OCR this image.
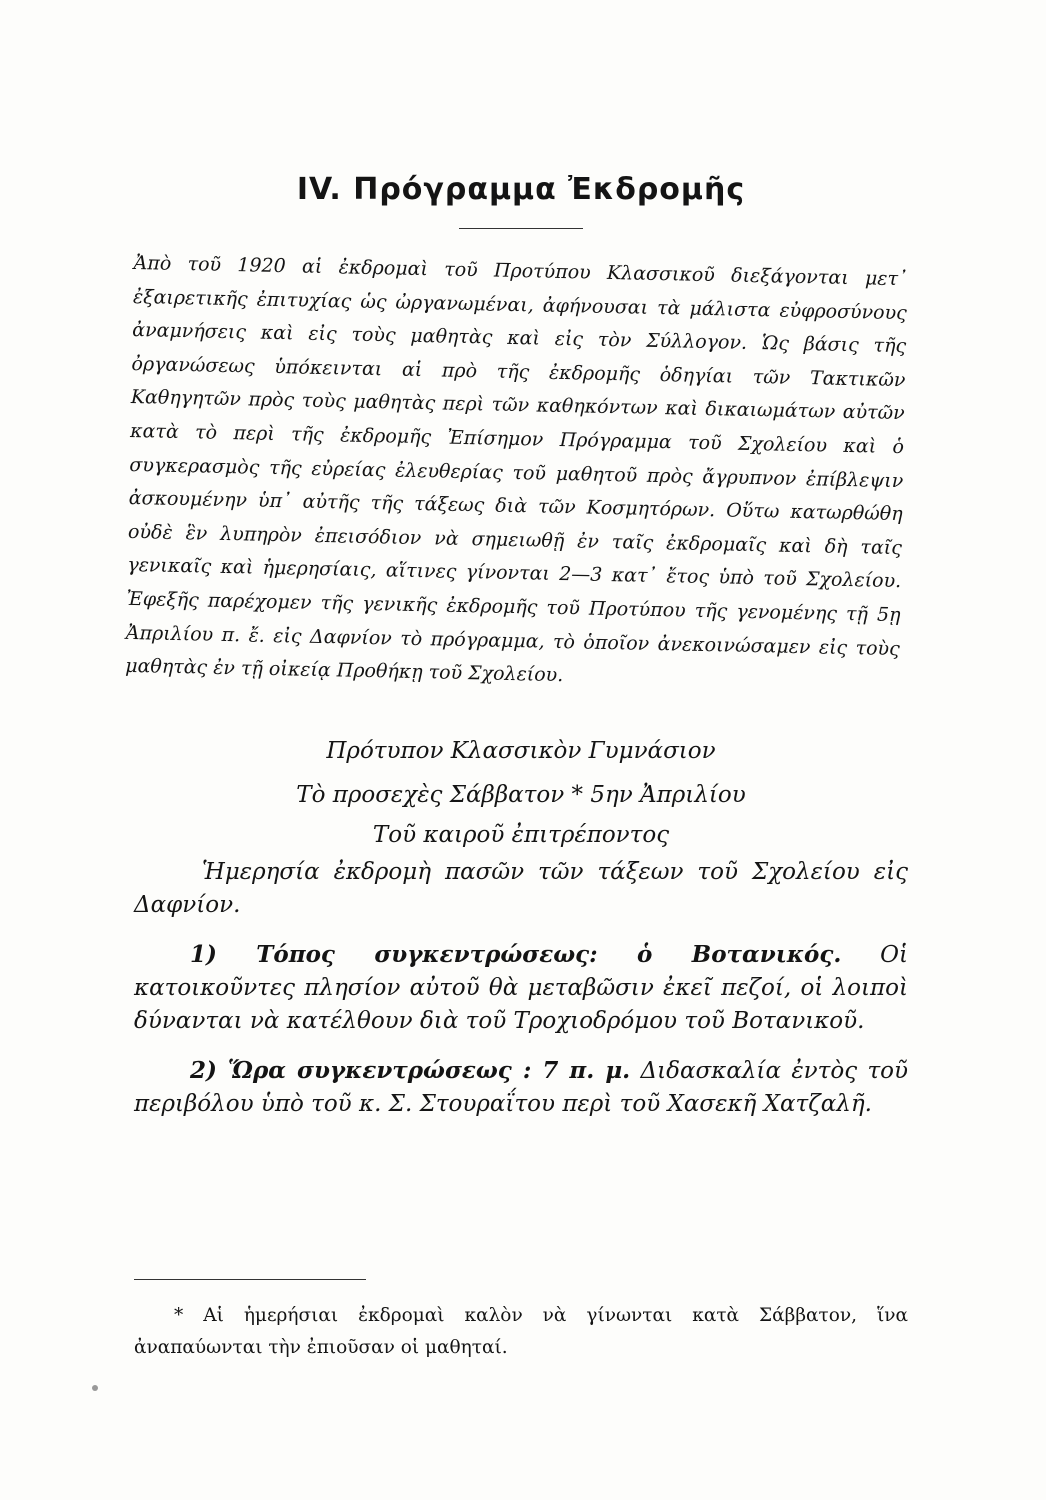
IV. Πρόγραμμα Ἐκδρομῆς

Ἀπὸ τοῦ 1920 αἱ ἐκδρομαὶ τοῦ Προτύπου Κλασσικοῦ διεξάγονται μετ᾽ ἐξαιρετικῆς ἐπιτυχίας ὡς ὠργανωμέναι, ἀφήνουσαι τὰ μάλιστα εὐφροσύνους ἀναμνήσεις καὶ εἰς τοὺς μαθητὰς καὶ εἰς τὸν Σύλλογον. Ὡς βάσις τῆς ὀργανώσεως ὑπόκεινται αἱ πρὸ τῆς ἐκδρομῆς ὁδηγίαι τῶν Τακτικῶν Καθηγητῶν πρὸς τοὺς μαθητὰς περὶ τῶν καθηκόντων καὶ δικαιωμάτων αὐτῶν κατὰ τὸ περὶ τῆς ἐκδρομῆς Ἐπίσημον Πρόγραμμα τοῦ Σχολείου καὶ ὁ συγκερασμὸς τῆς εὐρείας ἐλευθερίας τοῦ μαθητοῦ πρὸς ἄγρυπνον ἐπίβλεψιν ἀσκουμένην ὑπ᾽ αὐτῆς τῆς τάξεως διὰ τῶν Κοσμητόρων. Οὕτω κατωρθώθη οὐδὲ ἓν λυπηρὸν ἐπεισόδιον νὰ σημειωθῇ ἐν ταῖς ἐκδρομαῖς καὶ δὴ ταῖς γενικαῖς καὶ ἡμερησίαις, αἵτινες γίνονται 2—3 κατ᾽ ἔτος ὑπὸ τοῦ Σχολείου. Ἐφεξῆς παρέχομεν τῆς γενικῆς ἐκδρομῆς τοῦ Προτύπου τῆς γενομένης τῇ 5ῃ Ἀπριλίου π. ἔ. εἰς Δαφνίον τὸ πρόγραμμα, τὸ ὁποῖον ἀνεκοινώσαμεν εἰς τοὺς μαθητὰς ἐν τῇ οἰκείᾳ Προθήκῃ τοῦ Σχολείου.

Πρότυπον Κλασσικὸν Γυμνάσιον

Τὸ προσεχὲς Σάββατον * 5ην Ἀπριλίου

Τοῦ καιροῦ ἐπιτρέποντος

Ἡμερησία ἐκδρομὴ πασῶν τῶν τάξεων τοῦ Σχολείου εἰς Δαφνίον.

1) Τόπος συγκεντρώσεως: ὁ Βοτανικός. Οἱ κατοικοῦντες πλησίον αὐτοῦ θὰ μεταβῶσιν ἐκεῖ πεζοί, οἱ λοιποὶ δύνανται νὰ κατέλθουν διὰ τοῦ Τροχιοδρόμου τοῦ Βοτανικοῦ.

2) Ὥρα συγκεντρώσεως : 7 π. μ. Διδασκαλία ἐντὸς τοῦ περιβόλου ὑπὸ τοῦ κ. Σ. Στουραΐτου περὶ τοῦ Χασεκῆ Χατζαλῆ.

* Αἱ ἡμερήσιαι ἐκδρομαὶ καλὸν νὰ γίνωνται κατὰ Σάββατον, ἵνα ἀναπαύωνται τὴν ἐπιοῦσαν οἱ μαθηταί.
